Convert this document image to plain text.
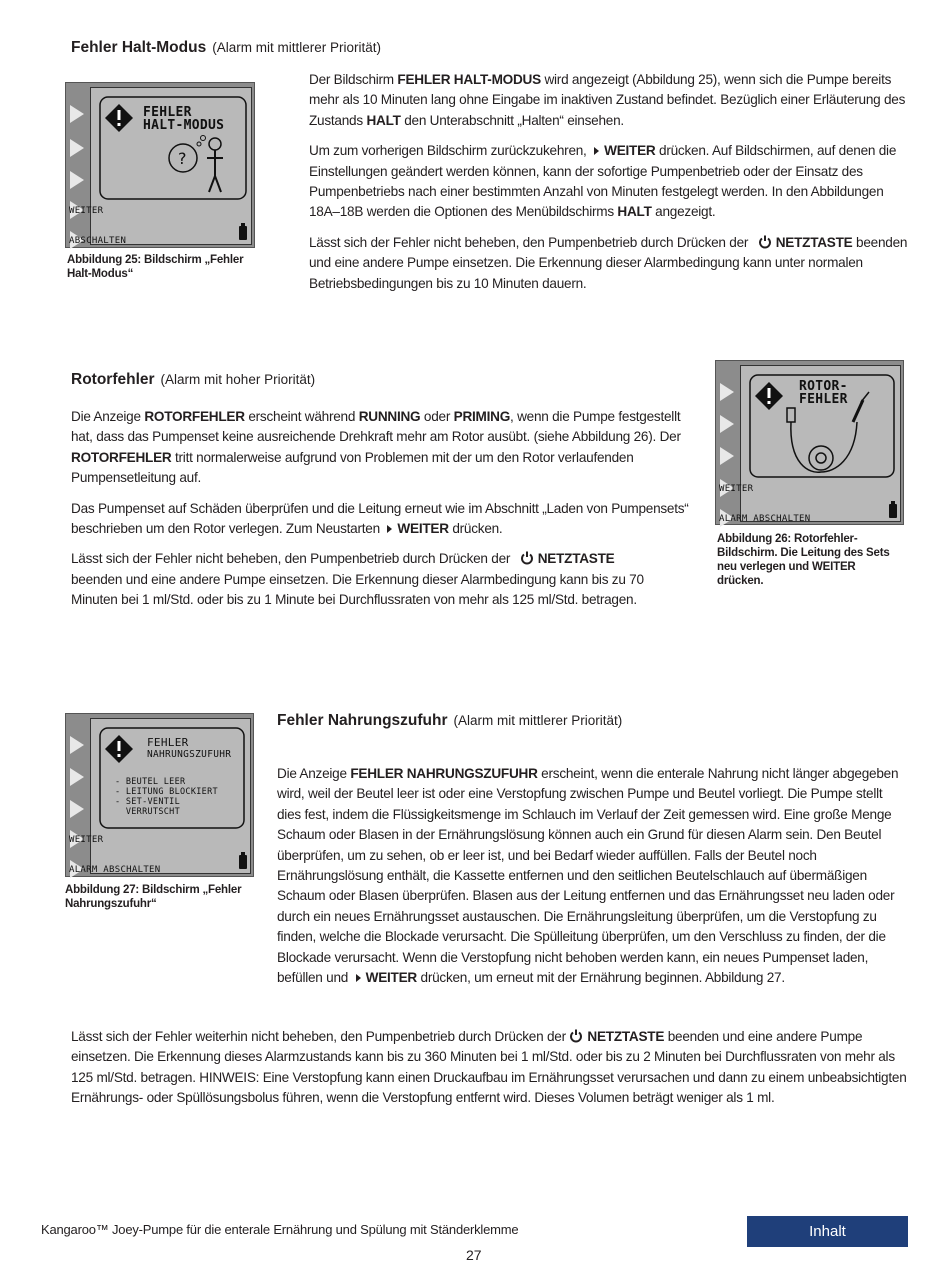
Fehler Halt-Modus (Alarm mit mittlerer Priorität)
?
FEHLER
HALT-MODUS
WEITER
ABSCHALTEN
Abbildung 25: Bildschirm „Fehler Halt-Modus“

Der Bildschirm FEHLER HALT-MODUS wird angezeigt (Abbildung 25), wenn sich die Pumpe bereits mehr als 10 Minuten lang ohne Eingabe im inaktiven Zustand befindet. Bezüglich einer Erläuterung des Zustands HALT den Unterabschnitt „Halten“ einsehen.

Um zum vorherigen Bildschirm zurückzukehren, WEITER drücken. Auf Bildschirmen, auf denen die Einstellungen geändert werden können, kann der sofortige Pumpenbetrieb oder der Einsatz des Pumpenbetriebs nach einer bestimmten Anzahl von Minuten festgelegt werden. In den Abbildungen 18A–18B werden die Optionen des Menübildschirms HALT angezeigt.

Lässt sich der Fehler nicht beheben, den Pumpenbetrieb durch Drücken der NETZTASTE beenden und eine andere Pumpe einsetzen. Die Erkennung dieser Alarmbedingung kann unter normalen Betriebsbedingungen bis zu 10 Minuten dauern.

Rotorfehler (Alarm mit hoher Priorität)

Die Anzeige ROTORFEHLER erscheint während RUNNING oder PRIMING, wenn die Pumpe festgestellt hat, dass das Pumpenset keine ausreichende Drehkraft mehr am Rotor ausübt. (siehe Abbildung 26). Der ROTORFEHLER tritt normalerweise aufgrund von Problemen mit der um den Rotor verlaufenden Pumpensetleitung auf.

Das Pumpenset auf Schäden überprüfen und die Leitung erneut wie im Abschnitt „Laden von Pumpensets“ beschrieben um den Rotor verlegen. Zum Neustarten WEITER drücken.

Lässt sich der Fehler nicht beheben, den Pumpenbetrieb durch Drücken der NETZTASTE beenden und eine andere Pumpe einsetzen. Die Erkennung dieser Alarmbedingung kann bis zu 70 Minuten bei 1 ml/Std. oder bis zu 1 Minute bei Durchflussraten von mehr als 125 ml/Std. betragen.

ROTOR-
FEHLER
WEITER
ALARM ABSCHALTEN
Abbildung 26: Rotorfehler-Bildschirm. Die Leitung des Sets neu verlegen und WEITER drücken.
FEHLER
NAHRUNGSZUFUHR
- BEUTEL LEER
- LEITUNG BLOCKIERT
- SET-VENTIL
VERRUTSCHT
WEITER
ALARM ABSCHALTEN
Abbildung 27: Bildschirm „Fehler Nahrungszufuhr“
Fehler Nahrungszufuhr (Alarm mit mittlerer Priorität)

Die Anzeige FEHLER NAHRUNGSZUFUHR erscheint, wenn die enterale Nahrung nicht länger abgegeben wird, weil der Beutel leer ist oder eine Verstopfung zwischen Pumpe und Beutel vorliegt. Die Pumpe stellt dies fest, indem die Flüssigkeitsmenge im Schlauch im Verlauf der Zeit gemessen wird. Eine große Menge Schaum oder Blasen in der Ernährungslösung können auch ein Grund für diesen Alarm sein. Den Beutel überprüfen, um zu sehen, ob er leer ist, und bei Bedarf wieder auffüllen. Falls der Beutel noch Ernährungslösung enthält, die Kassette entfernen und den seitlichen Beutelschlauch auf übermäßigen Schaum oder Blasen überprüfen. Blasen aus der Leitung entfernen und das Ernährungsset neu laden oder durch ein neues Ernährungsset austauschen. Die Ernährungsleitung überprüfen, um die Verstopfung zu finden, welche die Blockade verursacht. Die Spülleitung überprüfen, um den Verschluss zu finden, der die Blockade verursacht. Wenn die Verstopfung nicht behoben werden kann, ein neues Pumpenset laden, befüllen und WEITER drücken, um erneut mit der Ernährung beginnen. Abbildung 27.

Lässt sich der Fehler weiterhin nicht beheben, den Pumpenbetrieb durch Drücken der NETZTASTE beenden und eine andere Pumpe einsetzen. Die Erkennung dieses Alarmzustands kann bis zu 360 Minuten bei 1 ml/Std. oder bis zu 2 Minuten bei Durchflussraten von mehr als 125 ml/Std. betragen. HINWEIS: Eine Verstopfung kann einen Druckaufbau im Ernährungsset verursachen und dann zu einem unbeabsichtigten Ernährungs- oder Spüllösungsbolus führen, wenn die Verstopfung entfernt wird. Dieses Volumen beträgt weniger als 1 ml.

Kangaroo™ Joey-Pumpe für die enterale Ernährung und Spülung mit Ständerklemme	Inhalt
27
